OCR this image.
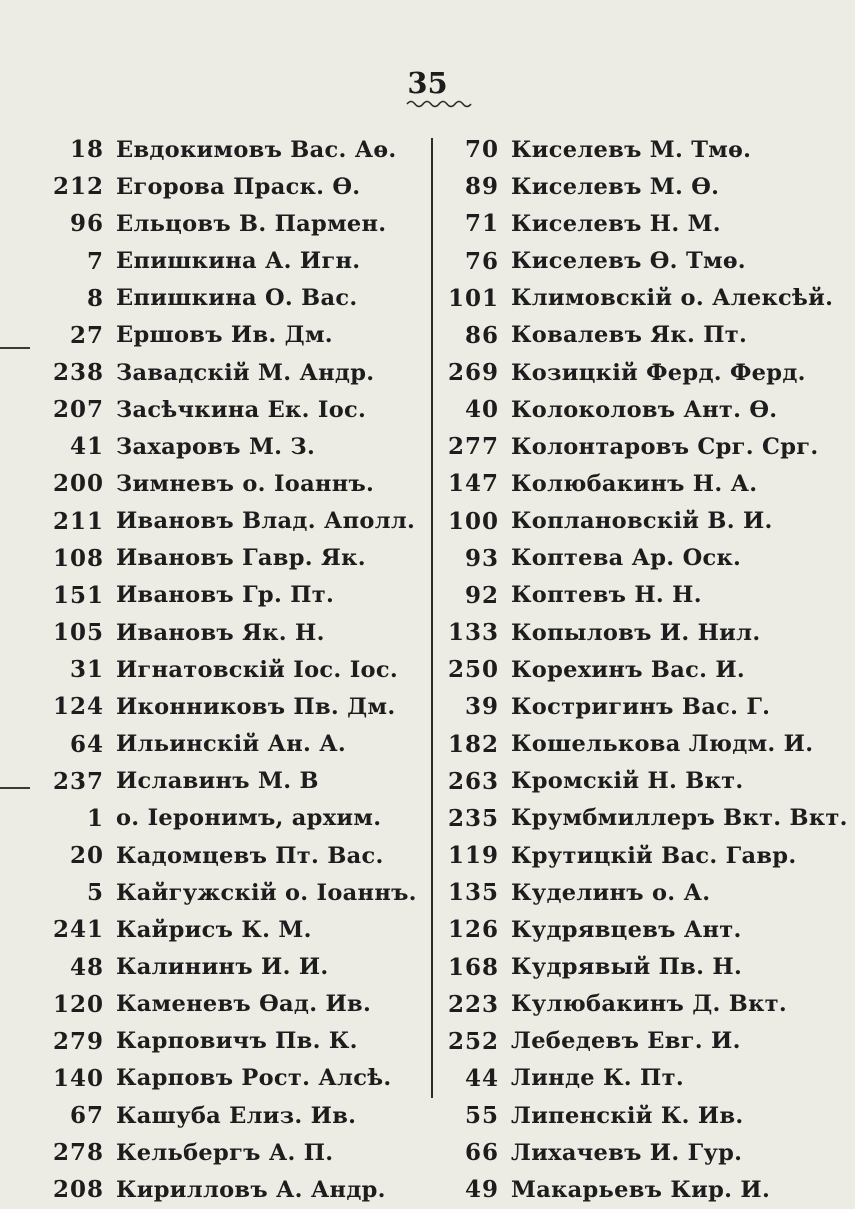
35
18 Евдокимовъ Вас. Аѳ.
212 Егорова Праск. Ѳ.
96 Ельцовъ В. Пармен.
7 Епишкина А. Игн.
8 Епишкина О. Вас.
27 Ершовъ Ив. Дм.
238 Завадскій М. Андр.
207 Засѣчкина Ек. Іос.
41 Захаровъ М. З.
200 Зимневъ о. Іоаннъ.
211 Ивановъ Влад. Аполл.
108 Ивановъ Гавр. Як.
151 Ивановъ Гр. Пт.
105 Ивановъ Як. Н.
31 Игнатовскій Іос. Іос.
124 Иконниковъ Пв. Дм.
64 Ильинскій Ан. А.
237 Иславинъ М. В
1 о. Іеронимъ, архим.
20 Кадомцевъ Пт. Вас.
5 Кайгужскій о. Іоаннъ.
241 Кайрисъ К. М.
48 Калининъ И. И.
120 Каменевъ Ѳад. Ив.
279 Карповичъ Пв. К.
140 Карповъ Рост. Алсѣ.
67 Кашуба Елиз. Ив.
278 Кельбергъ А. П.
208 Кирилловъ А. Андр.
70 Киселевъ М. Тмѳ.
89 Киселевъ М. Ѳ.
71 Киселевъ Н. М.
76 Киселевъ Ѳ. Тмѳ.
101 Климовскій о. Алексѣй.
86 Ковалевъ Як. Пт.
269 Козицкій Ферд. Ферд.
40 Колоколовъ Ант. Ѳ.
277 Колонтаровъ Срг. Срг.
147 Колюбакинъ Н. А.
100 Коплановскій В. И.
93 Коптева Ар. Оск.
92 Коптевъ Н. Н.
133 Копыловъ И. Нил.
250 Корехинъ Вас. И.
39 Костригинъ Вас. Г.
182 Кошелькова Людм. И.
263 Кромскій Н. Вкт.
235 Крумбмиллеръ Вкт. Вкт.
119 Крутицкій Вас. Гавр.
135 Куделинъ о. А.
126 Кудрявцевъ Ант.
168 Кудрявый Пв. Н.
223 Кулюбакинъ Д. Вкт.
252 Лебедевъ Евг. И.
44 Линде К. Пт.
55 Липенскій К. Ив.
66 Лихачевъ И. Гур.
49 Макарьевъ Кир. И.
